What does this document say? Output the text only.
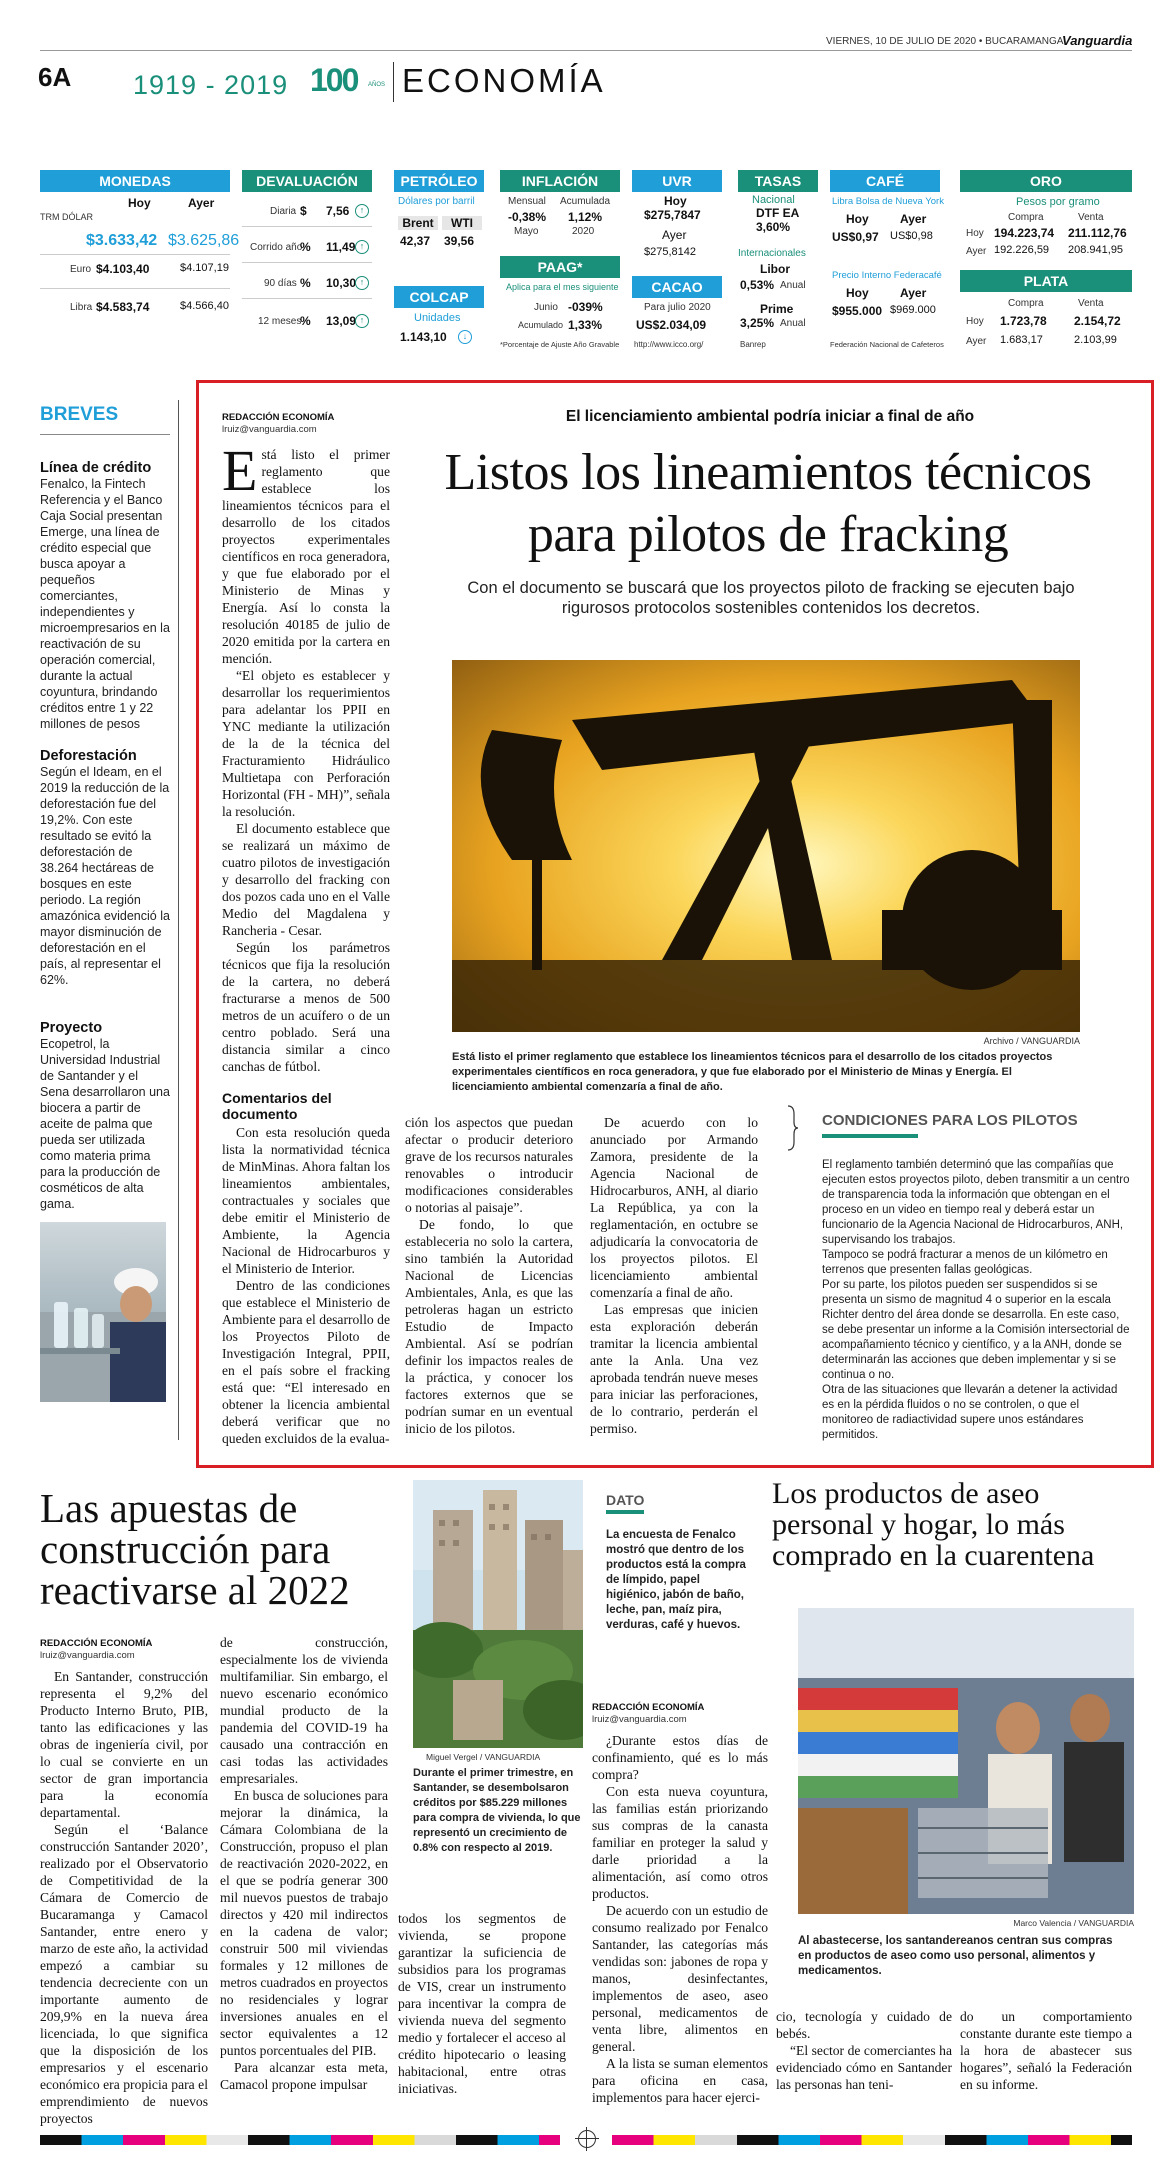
VIERNES, 10 DE JULIO DE 2020 • BUCARAMANGA
Vanguardia
6A 1919 - 2019 100 AÑOS ECONOMÍA
MONEDAS
Hoy	Ayer
TRM DÓLAR
$3.633,42 $3.625,86
Euro $4.103,40	$4.107,19
Libra $4.583,74	$4.566,40
DEVALUACIÓN
Diaria $ 7,56	↑
Corrido año
% 11,49 ↑
90 días % 10,30 ↑
12 meses
% 13,09 ↑
PETRÓLEO
Dólares por barril
Brent	WTI
42,37 39,56
COLCAP
Unidades
1.143,10	↓
INFLACIÓN
Mensual Acumulada
-0,38% 1,12%
Mayo	2020
PAAG*
Aplica para el mes siguiente
Junio -039%
Acumulado 1,33%
*Porcentaje de Ajuste Año Gravable
UVR
Hoy
$275,7847
Ayer
$275,8142
CACAO
Para julio 2020
US$2.034,09
http://www.icco.org/
TASAS
Nacional
DTF EA
3,60%
Internacionales
Libor
0,53% Anual
Prime
3,25% Anual
Banrep
CAFÉ
Libra Bolsa de Nueva York
Hoy	Ayer
US$0,97 US$0,98
Precio Interno Federacafé
Hoy	Ayer
$955.000 $969.000
Federación Nacional de Cafeteros
ORO
Pesos por gramo
Compra	Venta
Hoy 194.223,74 211.112,76
Ayer 192.226,59 208.941,95
PLATA
Compra	Venta
Hoy 1.723,78 2.154,72
Ayer 1.683,17	2.103,99
BREVES
Línea de crédito
Fenalco, la Fintech Referencia y el Banco Caja Social presentan Emerge, una línea de crédito especial que busca apoyar a pequeños comerciantes, independientes y microempresarios en la reactivación de su operación comercial, durante la actual coyuntura, brindando créditos entre 1 y 22 millones de pesos
Deforestación
Según el Ideam, en el 2019 la reducción de la deforestación fue del 19,2%. Con este resultado se evitó la deforestación de 38.264 hectáreas de bosques en este periodo. La región amazónica evidenció la mayor disminución de deforestación en el país, al representar el 62%.
Proyecto
Ecopetrol, la Universidad Industrial de Santander y el Sena desarrollaron una biocera a partir de aceite de palma que pueda ser utilizada como materia prima para la producción de cosméticos de alta gama.
REDACCIÓN ECONOMÍA
lruiz@vanguardia.com
El licenciamiento ambiental podría iniciar a final de año
Listos los lineamientos técnicos
para pilotos de fracking
Con el documento se buscará que los proyectos piloto de fracking se ejecuten bajo rigurosos protocolos sostenibles contenidos los decretos.

Está listo el primer reglamento que establece los lineamientos técnicos para el desarrollo de los citados proyectos experimentales científicos en roca generadora, y que fue elaborado por el Ministerio de Minas y Energía. Así lo consta la resolución 40185 de julio de 2020 emitida por la cartera en mención.

“El objeto es establecer y desarrollar los requerimientos para adelantar los PPII en YNC mediante la utilización de la de la técnica del Fracturamiento Hidráulico Multietapa con Perforación Horizontal (FH - MH)”, señala la resolución.

El documento establece que se realizará un máximo de cuatro pilotos de investigación y desarrollo del fracking con dos pozos cada uno en el Valle Medio del Magdalena y Rancheria - Cesar.

Según los parámetros técnicos que fija la resolución de la cartera, no deberá fracturarse a menos de 500 metros de un acuífero o de un centro poblado. Será una distancia similar a cinco canchas de fútbol.

Comentarios del documento

Con esta resolución queda lista la normatividad técnica de MinMinas. Ahora faltan los lineamientos ambientales, contractuales y sociales que debe emitir el Ministerio de Ambiente, la Agencia Nacional de Hidrocarburos y el Ministerio de Interior.

Dentro de las condiciones que establece el Ministerio de Ambiente para el desarrollo de los Proyectos Piloto de Investigación Integral, PPII, en el país sobre el fracking está que: “El interesado en obtener la licencia ambiental deberá verificar que no queden excluidos de la evalua-

Archivo / VANGUARDIA
Está listo el primer reglamento que establece los lineamientos técnicos para el desarrollo de los citados proyectos experimentales científicos en roca generadora, y que fue elaborado por el Ministerio de Minas y Energía. El licenciamiento ambiental comenzaría a final de año.

ción los aspectos que puedan afectar o producir deterioro grave de los recursos naturales renovables o introducir modificaciones considerables o notorias al paisaje”.

De fondo, lo que estableceria no solo la cartera, sino también la Autoridad Nacional de Licencias Ambientales, Anla, es que las petroleras hagan un estricto Estudio de Impacto Ambiental. Así se podrían definir los impactos reales de la práctica, y conocer los factores externos que se podrían sumar en un eventual inicio de los pilotos.

De acuerdo con lo anunciado por Armando Zamora, presidente de la Agencia Nacional de Hidrocarburos, ANH, al diario La República, ya con la reglamentación, en octubre se adjudicaría la convocatoria de los proyectos pilotos. El licenciamiento ambiental comenzaría a final de año.

Las empresas que inicien esta exploración deberán tramitar la licencia ambiental ante la Anla. Una vez aprobada tendrán nueve meses para iniciar las perforaciones, de lo contrario, perderán el permiso.

CONDICIONES PARA LOS PILOTOS

El reglamento también determinó que las compañías que ejecuten estos proyectos piloto, deben transmitir a un centro de transparencia toda la información que obtengan en el proceso en un video en tiempo real y deberá estar un funcionario de la Agencia Nacional de Hidrocarburos, ANH, supervisando los trabajos.

Tampoco se podrá fracturar a menos de un kilómetro en terrenos que presenten fallas geológicas.

Por su parte, los pilotos pueden ser suspendidos si se presenta un sismo de magnitud 4 o superior en la escala Richter dentro del área donde se desarrolla. En este caso, se debe presentar un informe a la Comisión intersectorial de acompañamiento técnico y científico, y a la ANH, donde se determinarán las acciones que deben implementar y si se continua o no.

Otra de las situaciones que llevarán a detener la actividad es en la pérdida fluidos o no se controlen, o que el monitoreo de radiactividad supere unos estándares permitidos.

Las apuestas de construcción para reactivarse al 2022
REDACCIÓN ECONOMÍA
lruiz@vanguardia.com

En Santander, construcción representa el 9,2% del Producto Interno Bruto, PIB, tanto las edificaciones y las obras de ingeniería civil, por lo cual se convierte en un sector de gran importancia para la economía departamental.

Según el ‘Balance construcción Santander 2020’, realizado por el Observatorio de Competitividad de la Cámara de Comercio de Bucaramanga y Camacol Santander, entre enero y marzo de este año, la actividad empezó a cambiar su tendencia decreciente con un importante aumento de 209,9% en la nueva área licenciada, lo que significa que la disposición de los empresarios y el escenario económico era propicia para el emprendimiento de nuevos proyectos

de construcción, especialmente los de vivienda multifamiliar. Sin embargo, el nuevo escenario económico mundial producto de la pandemia del COVID-19 ha causado una contracción en casi todas las actividades empresariales.

En busca de soluciones para mejorar la dinámica, la Cámara Colombiana de la Construcción, propuso el plan de reactivación 2020-2022, en el que se podría generar 300 mil nuevos puestos de trabajo directos y 420 mil indirectos en la cadena de valor; construir 500 mil viviendas formales y 12 millones de metros cuadrados en proyectos no residenciales y lograr inversiones anuales en el sector equivalentes a 12 puntos porcentuales del PIB.

Para alcanzar esta meta, Camacol propone impulsar

Miguel Vergel / VANGUARDIA
Durante el primer trimestre, en Santander, se desembolsaron créditos por $85.229 millones para compra de vivienda, lo que representó un crecimiento de 0.8% con respecto al 2019.

todos los segmentos de vivienda, se propone garantizar la suficiencia de subsidios para los programas de VIS, crear un instrumento para incentivar la compra de vivienda nueva del segmento medio y fortalecer el acceso al crédito hipotecario o leasing habitacional, entre otras iniciativas.

DATO
La encuesta de Fenalco mostró que dentro de los productos está la compra de límpido, papel higiénico, jabón de baño, leche, pan, maíz pira, verduras, café y huevos.
Los productos de aseo personal y hogar, lo más comprado en la cuarentena
REDACCIÓN ECONOMÍA
lruiz@vanguardia.com

¿Durante estos días de confinamiento, qué es lo más compra?

Con esta nueva coyuntura, las familias están priorizando sus compras de la canasta familiar en proteger la salud y darle prioridad a la alimentación, así como otros productos.

De acuerdo con un estudio de consumo realizado por Fenalco Santander, las categorías más vendidas son: jabones de ropa y manos, desinfectantes, implementos de aseo, aseo personal, medicamentos de venta libre, alimentos en general.

A la lista se suman elementos para oficina en casa, implementos para hacer ejerci-

Marco Valencia / VANGUARDIA
Al abastecerse, los santandereanos centran sus compras en productos de aseo como uso personal, alimentos y medicamentos.

cio, tecnología y cuidado de bebés.

“El sector de comerciantes ha evidenciado cómo en Santander las personas han teni-

do un comportamiento constante durante este tiempo a la hora de abastecer sus hogares”, señaló la Federación en su informe.
